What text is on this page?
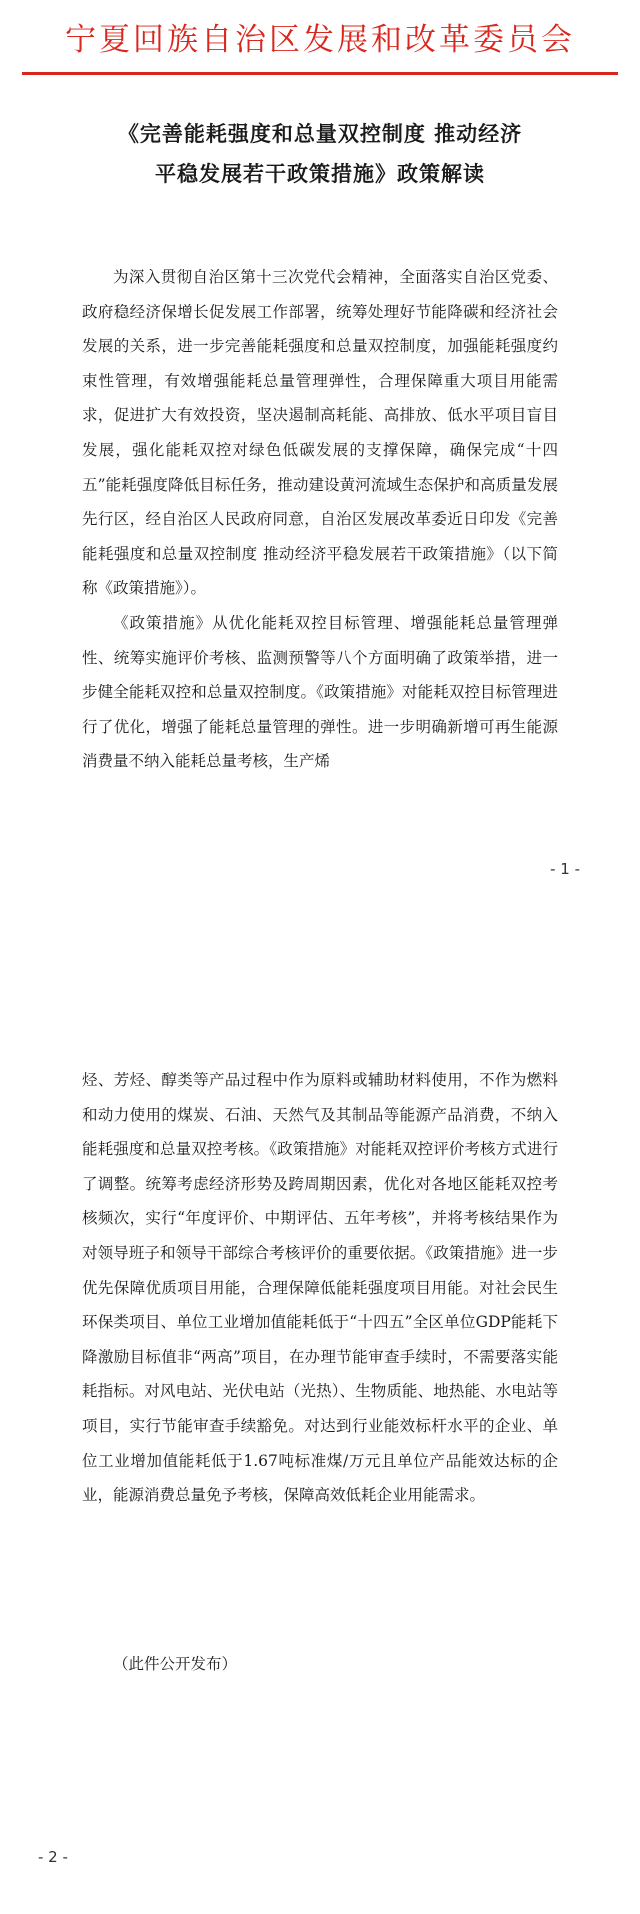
宁夏回族自治区发展和改革委员会
《完善能耗强度和总量双控制度 推动经济
平稳发展若干政策措施》政策解读

为深入贯彻自治区第十三次党代会精神，全面落实自治区党委、政府稳经济保增长促发展工作部署，统筹处理好节能降碳和经济社会发展的关系，进一步完善能耗强度和总量双控制度，加强能耗强度约束性管理，有效增强能耗总量管理弹性，合理保障重大项目用能需求，促进扩大有效投资，坚决遏制高耗能、高排放、低水平项目盲目发展，强化能耗双控对绿色低碳发展的支撑保障，确保完成“十四五”能耗强度降低目标任务，推动建设黄河流域生态保护和高质量发展先行区，经自治区人民政府同意，自治区发展改革委近日印发《完善能耗强度和总量双控制度 推动经济平稳发展若干政策措施》（以下简称《政策措施》）。

《政策措施》从优化能耗双控目标管理、增强能耗总量管理弹性、统筹实施评价考核、监测预警等八个方面明确了政策举措，进一步健全能耗双控和总量双控制度。《政策措施》对能耗双控目标管理进行了优化，增强了能耗总量管理的弹性。进一步明确新增可再生能源消费量不纳入能耗总量考核，生产烯

- 1 -

烃、芳烃、醇类等产品过程中作为原料或辅助材料使用，不作为燃料和动力使用的煤炭、石油、天然气及其制品等能源产品消费，不纳入能耗强度和总量双控考核。《政策措施》对能耗双控评价考核方式进行了调整。统筹考虑经济形势及跨周期因素，优化对各地区能耗双控考核频次，实行“年度评价、中期评估、五年考核”，并将考核结果作为对领导班子和领导干部综合考核评价的重要依据。《政策措施》进一步优先保障优质项目用能，合理保障低能耗强度项目用能。对社会民生环保类项目、单位工业增加值能耗低于“十四五”全区单位GDP能耗下降激励目标值非“两高”项目，在办理节能审查手续时，不需要落实能耗指标。对风电站、光伏电站（光热）、生物质能、地热能、水电站等项目，实行节能审查手续豁免。对达到行业能效标杆水平的企业、单位工业增加值能耗低于1.67吨标准煤/万元且单位产品能效达标的企业，能源消费总量免予考核，保障高效低耗企业用能需求。

（此件公开发布）
- 2 -
